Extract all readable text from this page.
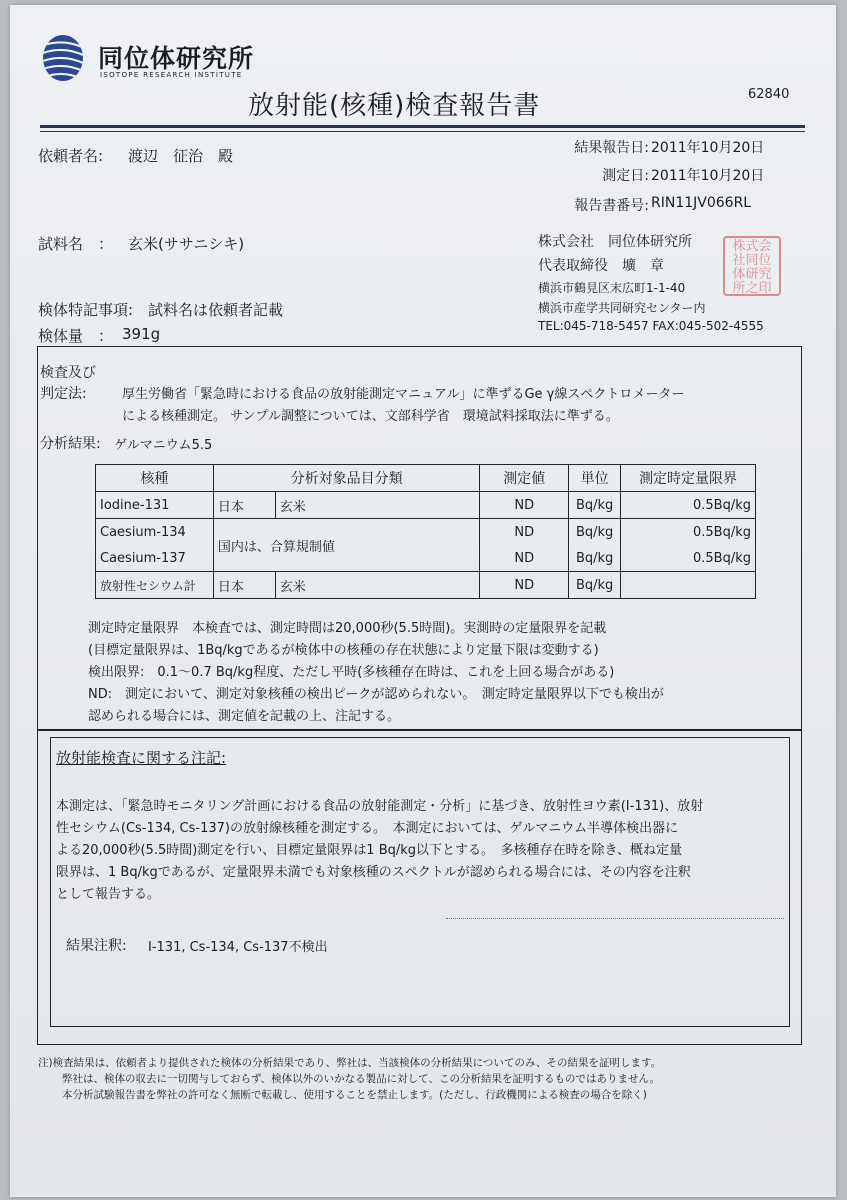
同位体研究所
ISOTOPE RESEARCH INSTITUTE
放射能(核種)検査報告書	62840
依頼者名: 渡辺　征治　殿	結果報告日: 2011年10月20日
測定日: 2011年10月20日
報告書番号: RIN11JV066RL
試料名　： 玄米(ササニシキ)
検体特記事項: 試料名は依頼者記載
検体量　： 391g
株式会社　同位体研究所
代表取締役　壙　章
横浜市鶴見区末広町1-1-40
横浜市産学共同研究センター内
TEL:045-718-5457 FAX:045-502-4555
株 式 会
社 同 位
体 研 究
所 之 印
検査及び
判定法:	厚生労働省「緊急時における食品の放射能測定マニュアル」に準ずるGe γ線スペクトロメーター
による核種測定。 サンプル調整については、文部科学省　環境試料採取法に準ずる。
分析結果: ゲルマニウム5.5
核種	分析対象品目分類		測定値	単位	測定時定量限界
Iodine-131	日本	玄米	ND	Bq/kg	0.5Bq/kg
Caesium-134	国内は、合算規制値		ND	Bq/kg	0.5Bq/kg
Caesium-137			ND	Bq/kg	0.5Bq/kg
放射性セシウム計	日本	玄米	ND	Bq/kg	
測定時定量限界　本検査では、測定時間は20,000秒(5.5時間)。実測時の定量限界を記載
(目標定量限界は、1Bq/kgであるが検体中の核種の存在状態により定量下限は変動する)
検出限界:　0.1～0.7 Bq/kg程度、ただし平時(多核種存在時は、これを上回る場合がある)
ND:　測定において、測定対象核種の検出ピークが認められない。　測定時定量限界以下でも検出が
認められる場合には、測定値を記載の上、注記する。
放射能検査に関する注記:
本測定は、「緊急時モニタリング計画における食品の放射能測定・分析」に基づき、放射性ヨウ素(I-131)、放射
性セシウム(Cs-134, Cs-137)の放射線核種を測定する。　本測定においては、ゲルマニウム半導体検出器に
よる20,000秒(5.5時間)測定を行い、目標定量限界は1 Bq/kg以下とする。　多核種存在時を除き、概ね定量
限界は、1 Bq/kgであるが、定量限界未満でも対象核種のスペクトルが認められる場合には、その内容を注釈
として報告する。
結果注釈: I-131, Cs-134, Cs-137不検出
注)検査結果は、依頼者より提供された検体の分析結果であり、弊社は、当該検体の分析結果についてのみ、その結果を証明します。
弊社は、検体の収去に一切関与しておらず、検体以外のいかなる製品に対して、この分析結果を証明するものではありません。
本分析試験報告書を弊社の許可なく無断で転載し、使用することを禁止します。(ただし、行政機関による検査の場合を除く)
